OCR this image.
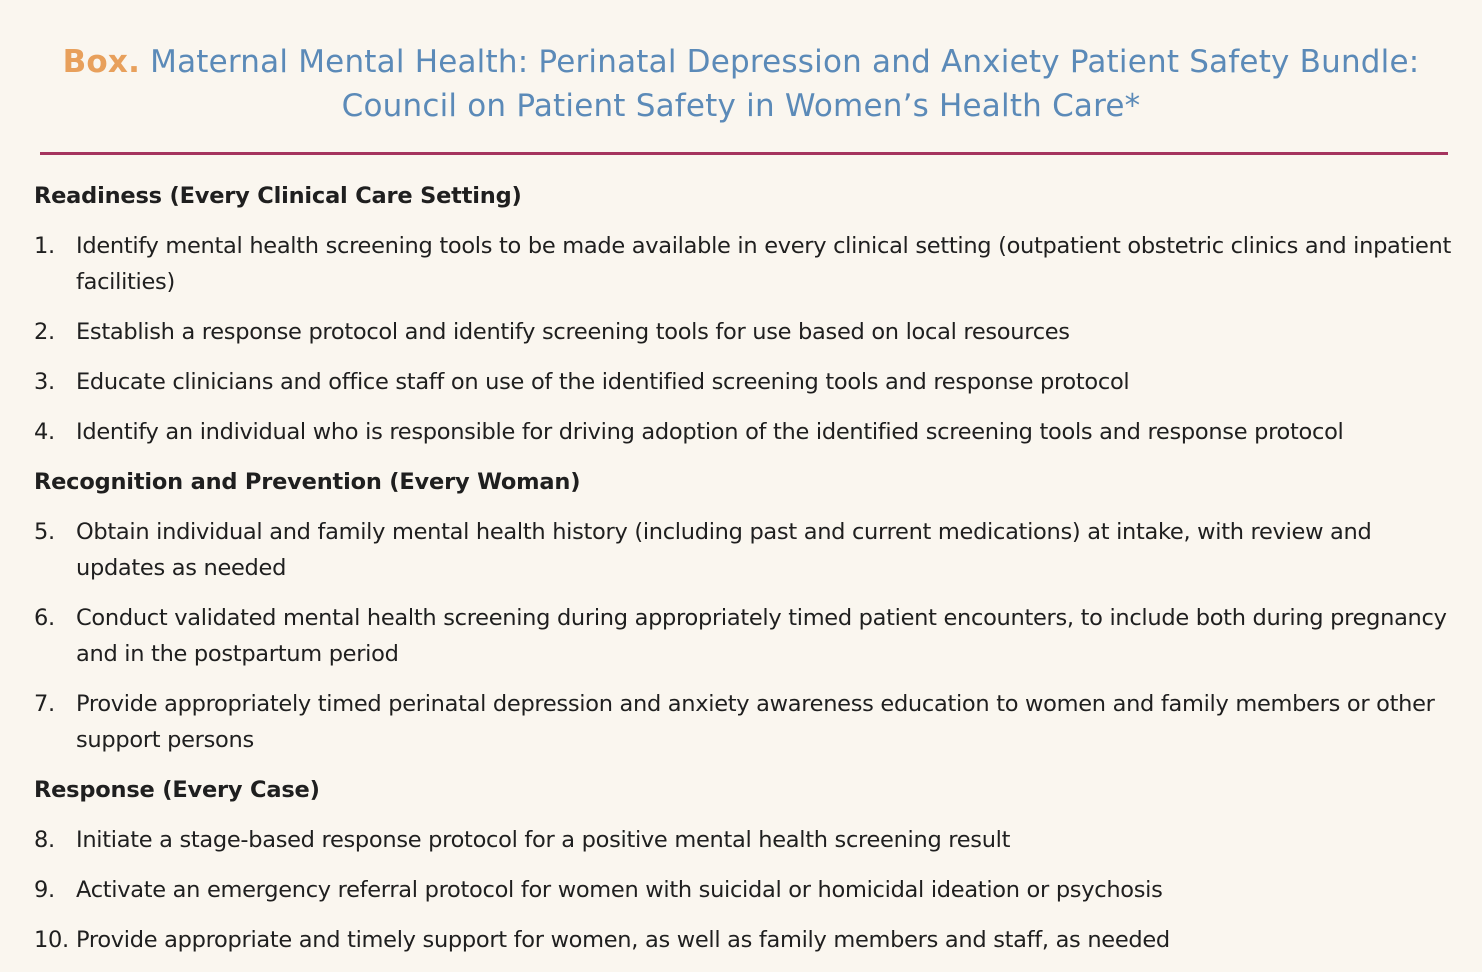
Box. Maternal Mental Health: Perinatal Depression and Anxiety Patient Safety Bundle:
Council on Patient Safety in Women’s Health Care*
Readiness (Every Clinical Care Setting)
1. Identify mental health screening tools to be made available in every clinical setting (outpatient obstetric clinics and inpatient facilities)
2. Establish a response protocol and identify screening tools for use based on local resources
3. Educate clinicians and office staff on use of the identified screening tools and response protocol
4. Identify an individual who is responsible for driving adoption of the identified screening tools and response protocol
Recognition and Prevention (Every Woman)
5. Obtain individual and family mental health history (including past and current medications) at intake, with review and updates as needed
6. Conduct validated mental health screening during appropriately timed patient encounters, to include both during pregnancy and in the postpartum period
7. Provide appropriately timed perinatal depression and anxiety awareness education to women and family members or other support persons
Response (Every Case)
8. Initiate a stage-based response protocol for a positive mental health screening result
9. Activate an emergency referral protocol for women with suicidal or homicidal ideation or psychosis
10. Provide appropriate and timely support for women, as well as family members and staff, as needed
